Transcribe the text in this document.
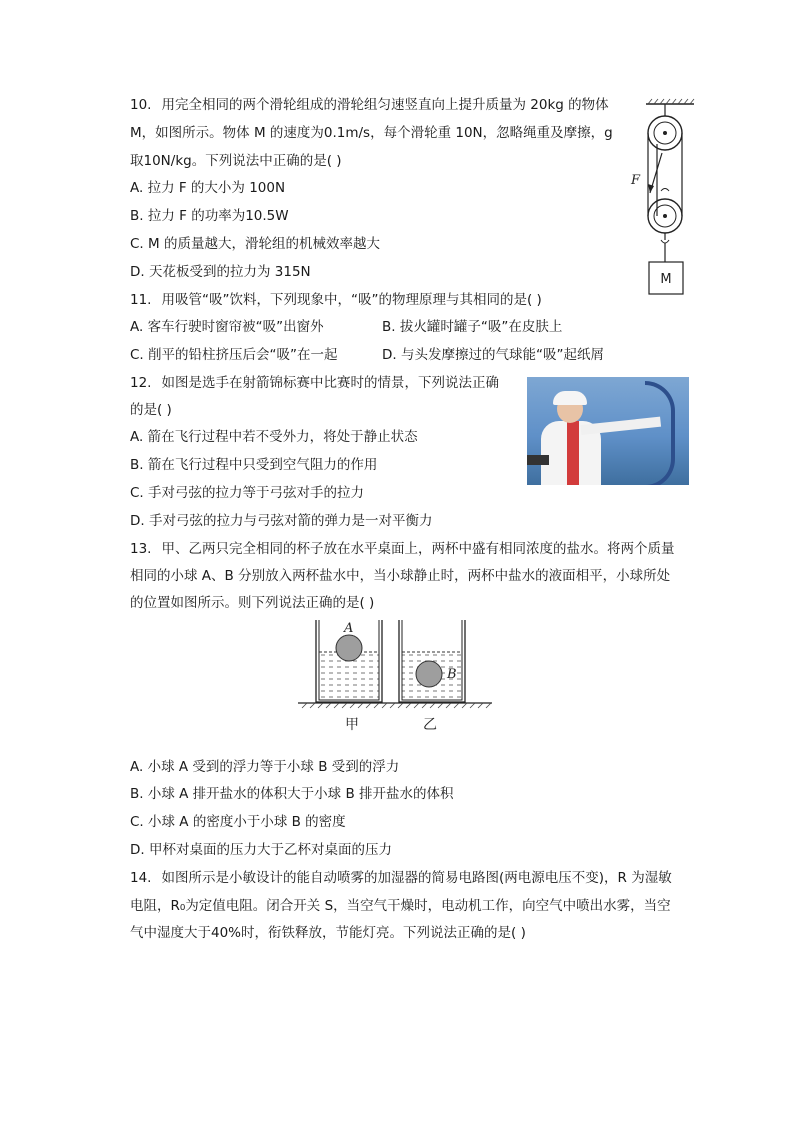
10. 用完全相同的两个滑轮组成的滑轮组匀速竖直向上提升质量为 20kg 的物体
M，如图所示。物体 M 的速度为0.1m/s，每个滑轮重 10N，忽略绳重及摩擦，g
取10N/kg。下列说法中正确的是( )
A. 拉力 F 的大小为 100N
B. 拉力 F 的功率为10.5W
C. M 的质量越大，滑轮组的机械效率越大
D. 天花板受到的拉力为 315N
F
M
11. 用吸管“吸”饮料，下列现象中，“吸”的物理原理与其相同的是( )
A. 客车行驶时窗帘被“吸”出窗外	B. 拔火罐时罐子“吸”在皮肤上
C. 削平的铅柱挤压后会“吸”在一起	D. 与头发摩擦过的气球能“吸”起纸屑
12. 如图是选手在射箭锦标赛中比赛时的情景，下列说法正确
的是( )
A. 箭在飞行过程中若不受外力，将处于静止状态
B. 箭在飞行过程中只受到空气阻力的作用
C. 手对弓弦的拉力等于弓弦对手的拉力
D. 手对弓弦的拉力与弓弦对箭的弹力是一对平衡力
13. 甲、乙两只完全相同的杯子放在水平桌面上，两杯中盛有相同浓度的盐水。将两个质量
相同的小球 A、B 分别放入两杯盐水中，当小球静止时，两杯中盐水的液面相平，小球所处
的位置如图所示。则下列说法正确的是( )
A
B
甲	乙
A. 小球 A 受到的浮力等于小球 B 受到的浮力
B. 小球 A 排开盐水的体积大于小球 B 排开盐水的体积
C. 小球 A 的密度小于小球 B 的密度
D. 甲杯对桌面的压力大于乙杯对桌面的压力
14. 如图所示是小敏设计的能自动喷雾的加湿器的简易电路图(两电源电压不变)，R 为湿敏
电阻，R₀为定值电阻。闭合开关 S，当空气干燥时，电动机工作，向空气中喷出水雾，当空
气中湿度大于40%时，衔铁释放，节能灯亮。下列说法正确的是( )
